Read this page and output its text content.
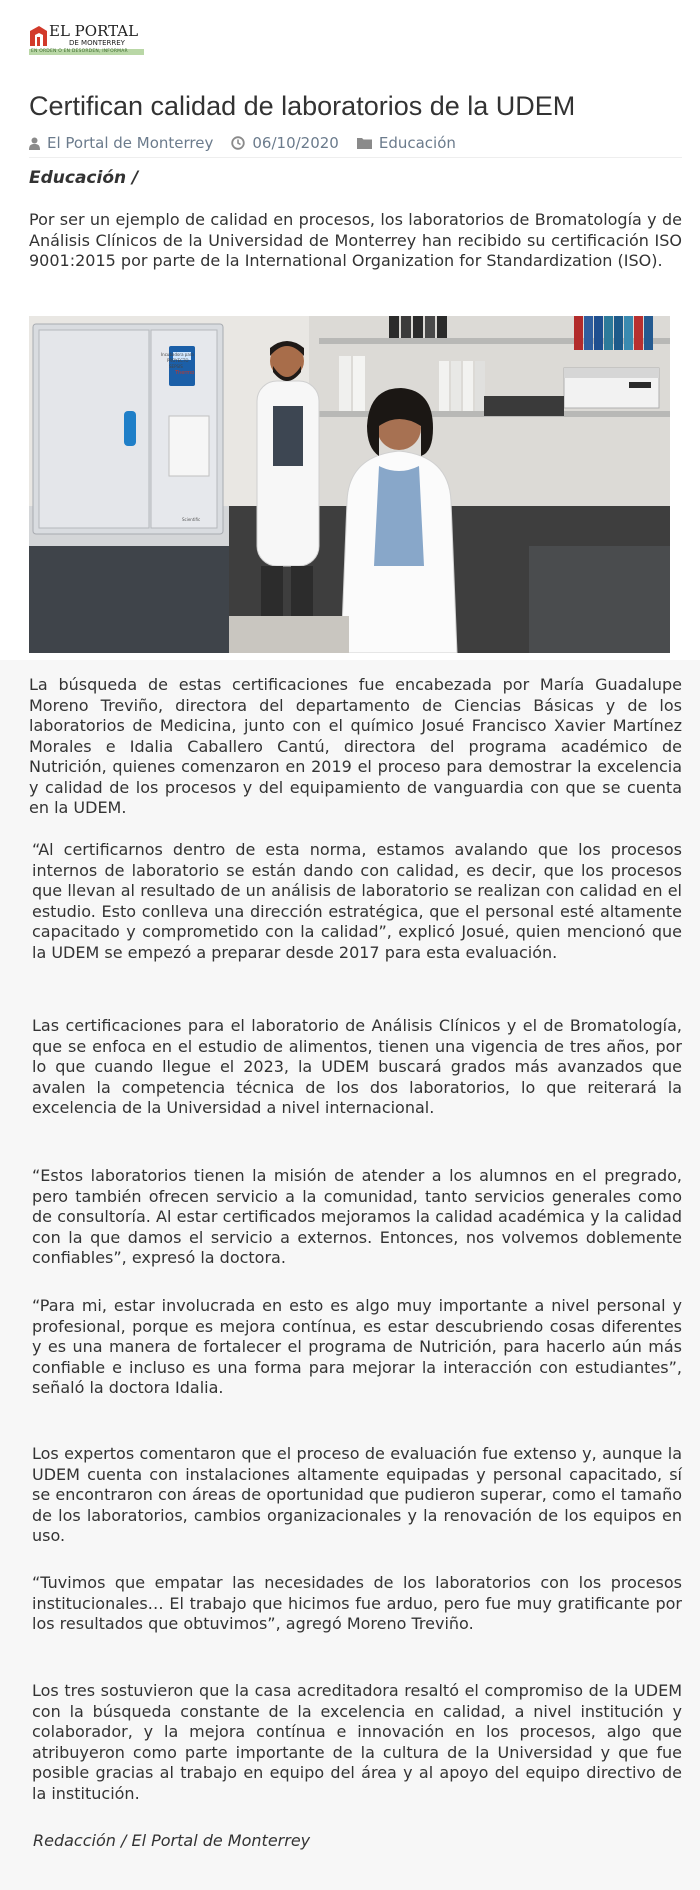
EL PORTAL
DE MONTERREY
EN ORDEN O EN DESORDEN, INFORMAR
Certifican calidad de laboratorios de la UDEM
El Portal de Monterrey	06/10/2020	Educación
Educación /

Por ser un ejemplo de calidad en procesos, los laboratorios de Bromatología y de Análisis Clínicos de la Universidad de Monterrey han recibido su certificación ISO 9001:2015 por parte de la International Organization for Standardization (ISO).

Incubadora para
PROYECTO
SEPSIS
Thermo
Scientific

La búsqueda de estas certificaciones fue encabezada por María Guadalupe Moreno Treviño, directora del departamento de Ciencias Básicas y de los laboratorios de Medicina, junto con el químico Josué Francisco Xavier Martínez Morales e Idalia Caballero Cantú, directora del programa académico de Nutrición, quienes comenzaron en 2019 el proceso para demostrar la excelencia y calidad de los procesos y del equipamiento de vanguardia con que se cuenta en la UDEM.

“Al certificarnos dentro de esta norma, estamos avalando que los procesos internos de laboratorio se están dando con calidad, es decir, que los procesos que llevan al resultado de un análisis de laboratorio se realizan con calidad en el estudio. Esto conlleva una dirección estratégica, que el personal esté altamente capacitado y comprometido con la calidad”, explicó Josué, quien mencionó que la UDEM se empezó a preparar desde 2017 para esta evaluación.

Las certificaciones para el laboratorio de Análisis Clínicos y el de Bromatología, que se enfoca en el estudio de alimentos, tienen una vigencia de tres años, por lo que cuando llegue el 2023, la UDEM buscará grados más avanzados que avalen la competencia técnica de los dos laboratorios, lo que reiterará la excelencia de la Universidad a nivel internacional.

“Estos laboratorios tienen la misión de atender a los alumnos en el pregrado, pero también ofrecen servicio a la comunidad, tanto servicios generales como de consultoría. Al estar certificados mejoramos la calidad académica y la calidad con la que damos el servicio a externos. Entonces, nos volvemos doblemente confiables”, expresó la doctora.

“Para mi, estar involucrada en esto es algo muy importante a nivel personal y profesional, porque es mejora contínua, es estar descubriendo cosas diferentes y es una manera de fortalecer el programa de Nutrición, para hacerlo aún más confiable e incluso es una forma para mejorar la interacción con estudiantes”, señaló la doctora Idalia.

Los expertos comentaron que el proceso de evaluación fue extenso y, aunque la UDEM cuenta con instalaciones altamente equipadas y personal capacitado, sí se encontraron con áreas de oportunidad que pudieron superar, como el tamaño de los laboratorios, cambios organizacionales y la renovación de los equipos en uso.

“Tuvimos que empatar las necesidades de los laboratorios con los procesos institucionales… El trabajo que hicimos fue arduo, pero fue muy gratificante por los resultados que obtuvimos”, agregó Moreno Treviño.

Los tres sostuvieron que la casa acreditadora resaltó el compromiso de la UDEM con la búsqueda constante de la excelencia en calidad, a nivel institución y colaborador, y la mejora contínua e innovación en los procesos, algo que atribuyeron como parte importante de la cultura de la Universidad y que fue posible gracias al trabajo en equipo del área y al apoyo del equipo directivo de la institución.

Redacción / El Portal de Monterrey
